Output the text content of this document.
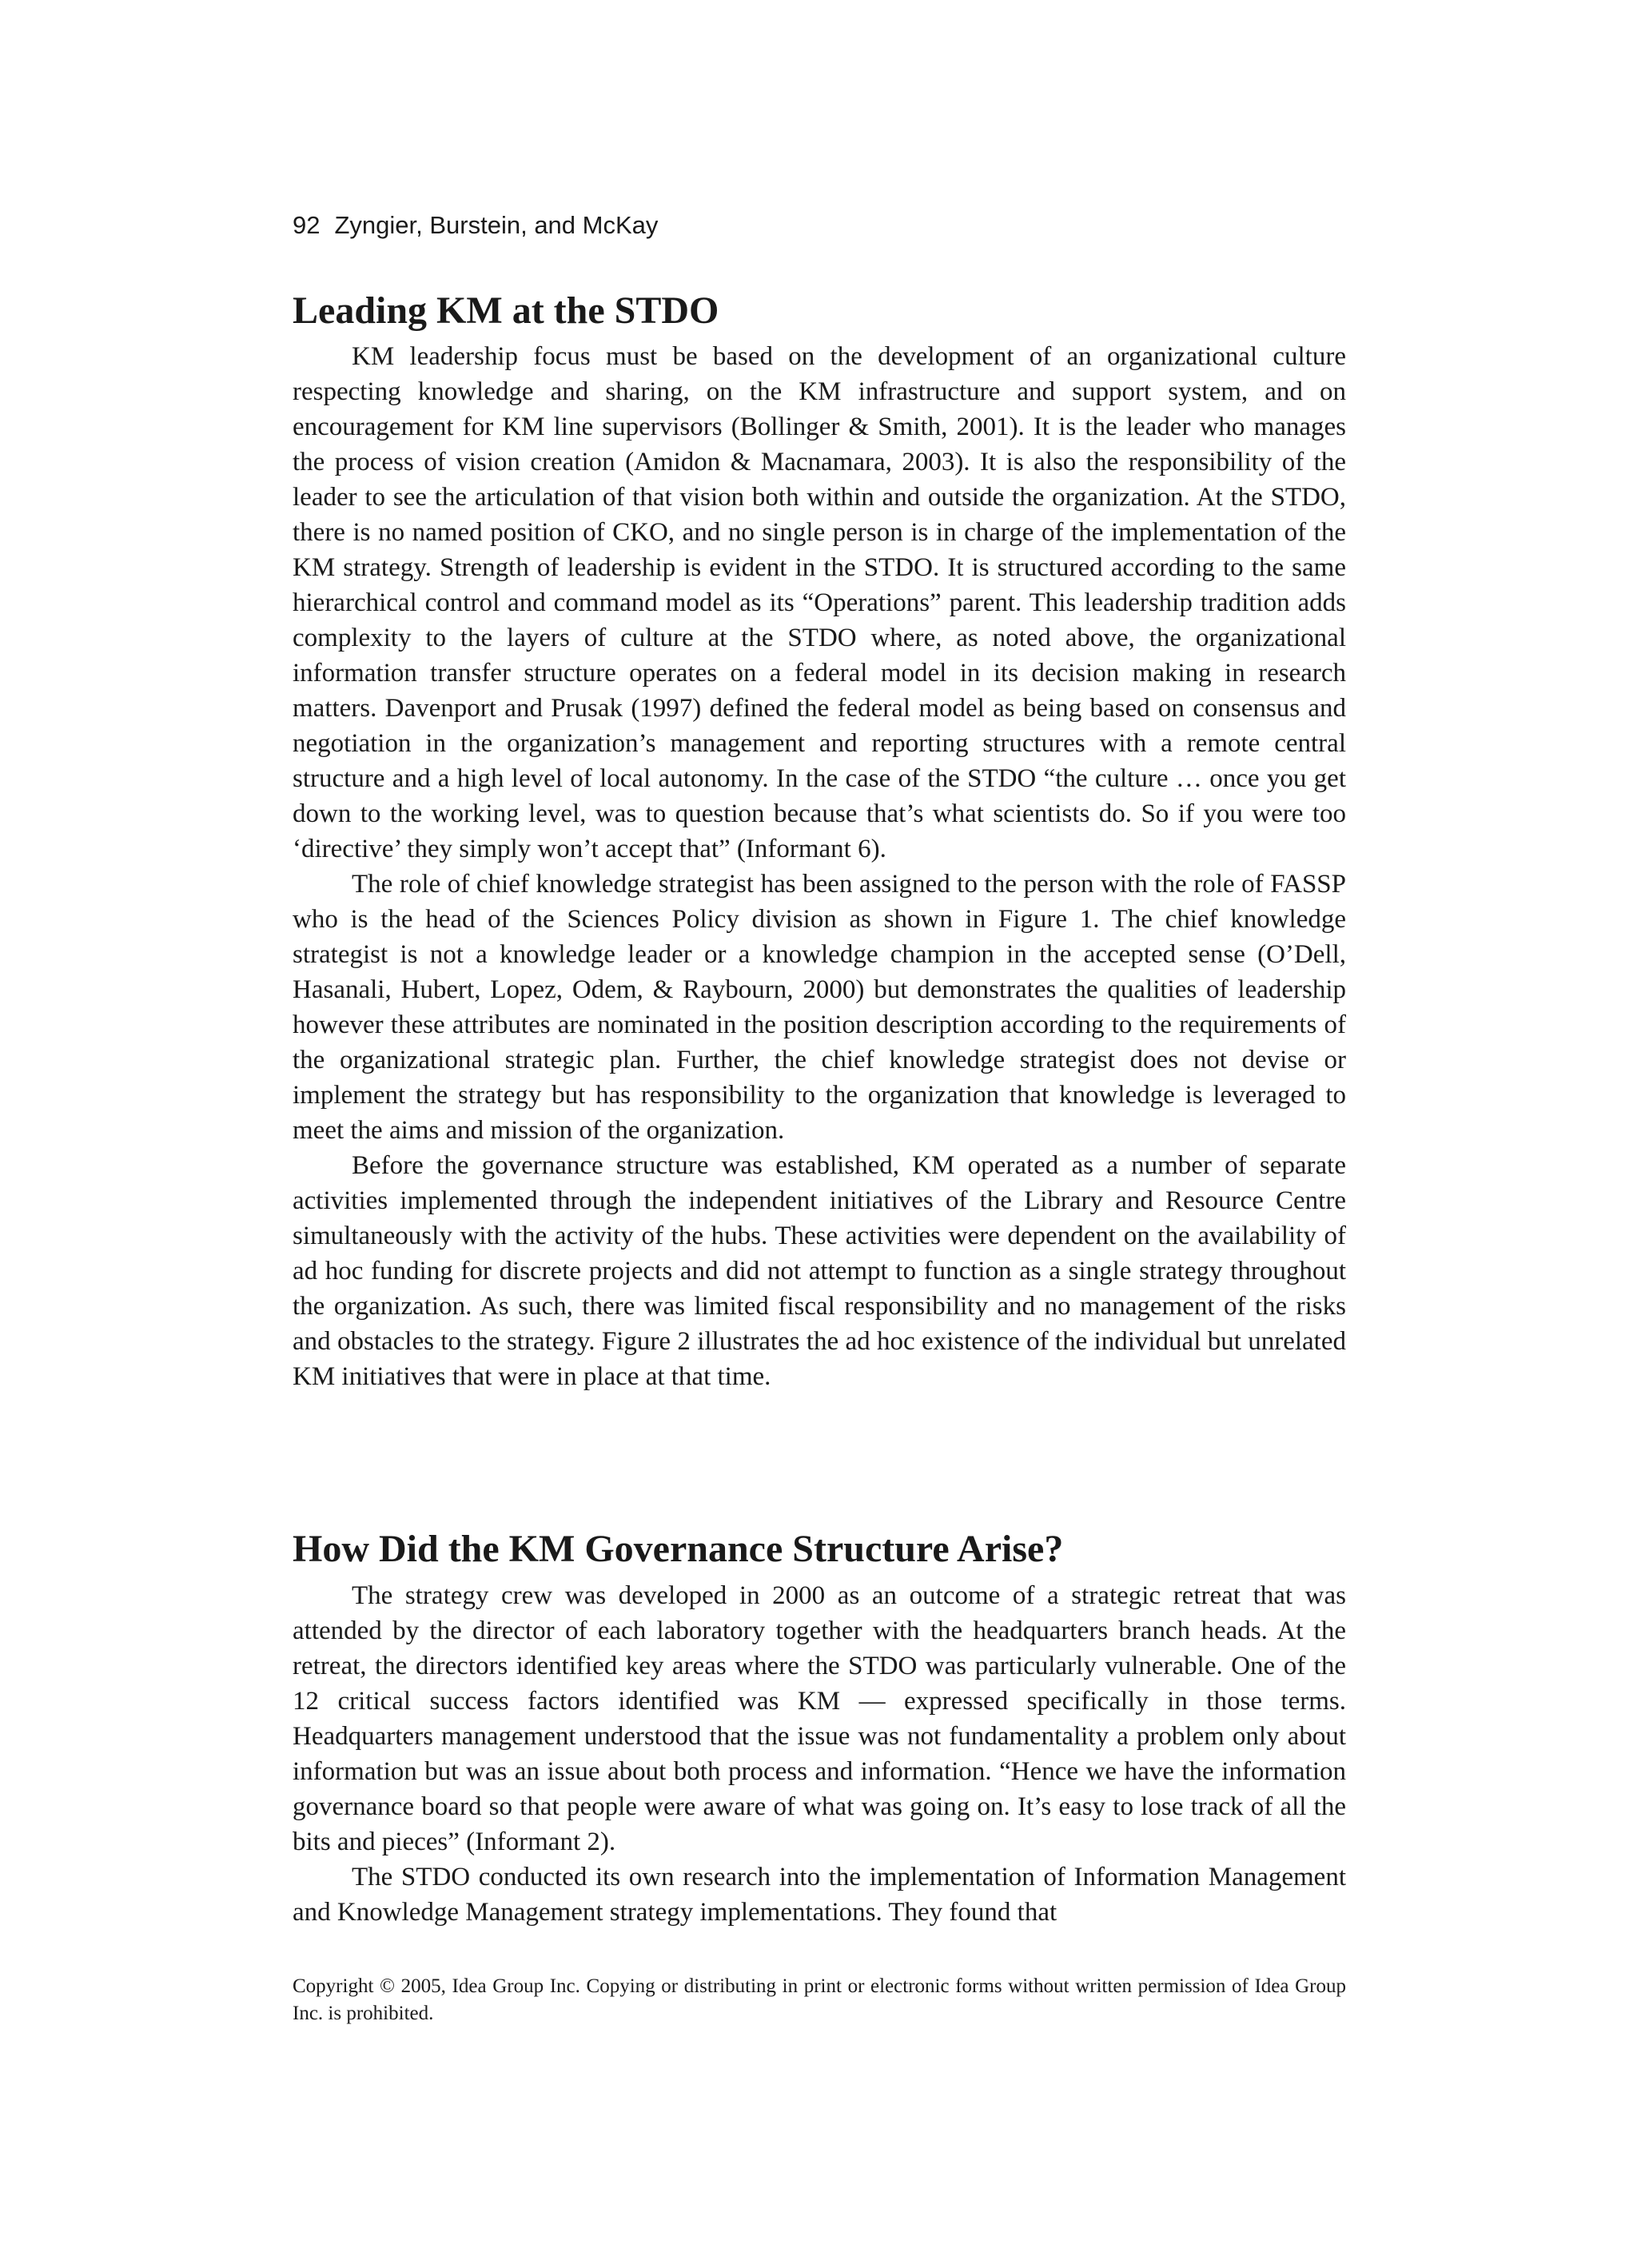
92 Zyngier, Burstein, and McKay
Leading KM at the STDO

KM leadership focus must be based on the development of an organizational culture respecting knowledge and sharing, on the KM infrastructure and support system, and on encouragement for KM line supervisors (Bollinger & Smith, 2001). It is the leader who manages the process of vision creation (Amidon & Macnamara, 2003). It is also the responsibility of the leader to see the articulation of that vision both within and outside the organization. At the STDO, there is no named position of CKO, and no single person is in charge of the implementation of the KM strategy. Strength of leadership is evident in the STDO. It is structured according to the same hierarchical control and command model as its “Operations” parent. This leadership tradition adds complexity to the layers of culture at the STDO where, as noted above, the organizational information transfer structure operates on a federal model in its decision making in research matters. Davenport and Prusak (1997) defined the federal model as being based on consensus and negotiation in the organization’s management and reporting structures with a remote central structure and a high level of local autonomy. In the case of the STDO “the culture … once you get down to the working level, was to question because that’s what scientists do. So if you were too ‘directive’ they simply won’t accept that” (Informant 6).

The role of chief knowledge strategist has been assigned to the person with the role of FASSP who is the head of the Sciences Policy division as shown in Figure 1. The chief knowledge strategist is not a knowledge leader or a knowledge champion in the accepted sense (O’Dell, Hasanali, Hubert, Lopez, Odem, & Raybourn, 2000) but demonstrates the qualities of leadership however these attributes are nominated in the position description according to the requirements of the organizational strategic plan. Further, the chief knowledge strategist does not devise or implement the strategy but has responsibility to the organization that knowledge is leveraged to meet the aims and mission of the organization.

Before the governance structure was established, KM operated as a number of separate activities implemented through the independent initiatives of the Library and Resource Centre simultaneously with the activity of the hubs. These activities were dependent on the availability of ad hoc funding for discrete projects and did not attempt to function as a single strategy throughout the organization. As such, there was limited fiscal responsibility and no management of the risks and obstacles to the strategy. Figure 2 illustrates the ad hoc existence of the individual but unrelated KM initiatives that were in place at that time.

How Did the KM Governance Structure Arise?

The strategy crew was developed in 2000 as an outcome of a strategic retreat that was attended by the director of each laboratory together with the headquarters branch heads. At the retreat, the directors identified key areas where the STDO was particularly vulnerable. One of the 12 critical success factors identified was KM — expressed specifically in those terms. Headquarters management understood that the issue was not fundamentality a problem only about information but was an issue about both process and information. “Hence we have the information governance board so that people were aware of what was going on. It’s easy to lose track of all the bits and pieces” (Informant 2).

The STDO conducted its own research into the implementation of Information Management and Knowledge Management strategy implementations. They found that

Copyright © 2005, Idea Group Inc. Copying or distributing in print or electronic forms without written permission of Idea Group Inc. is prohibited.
